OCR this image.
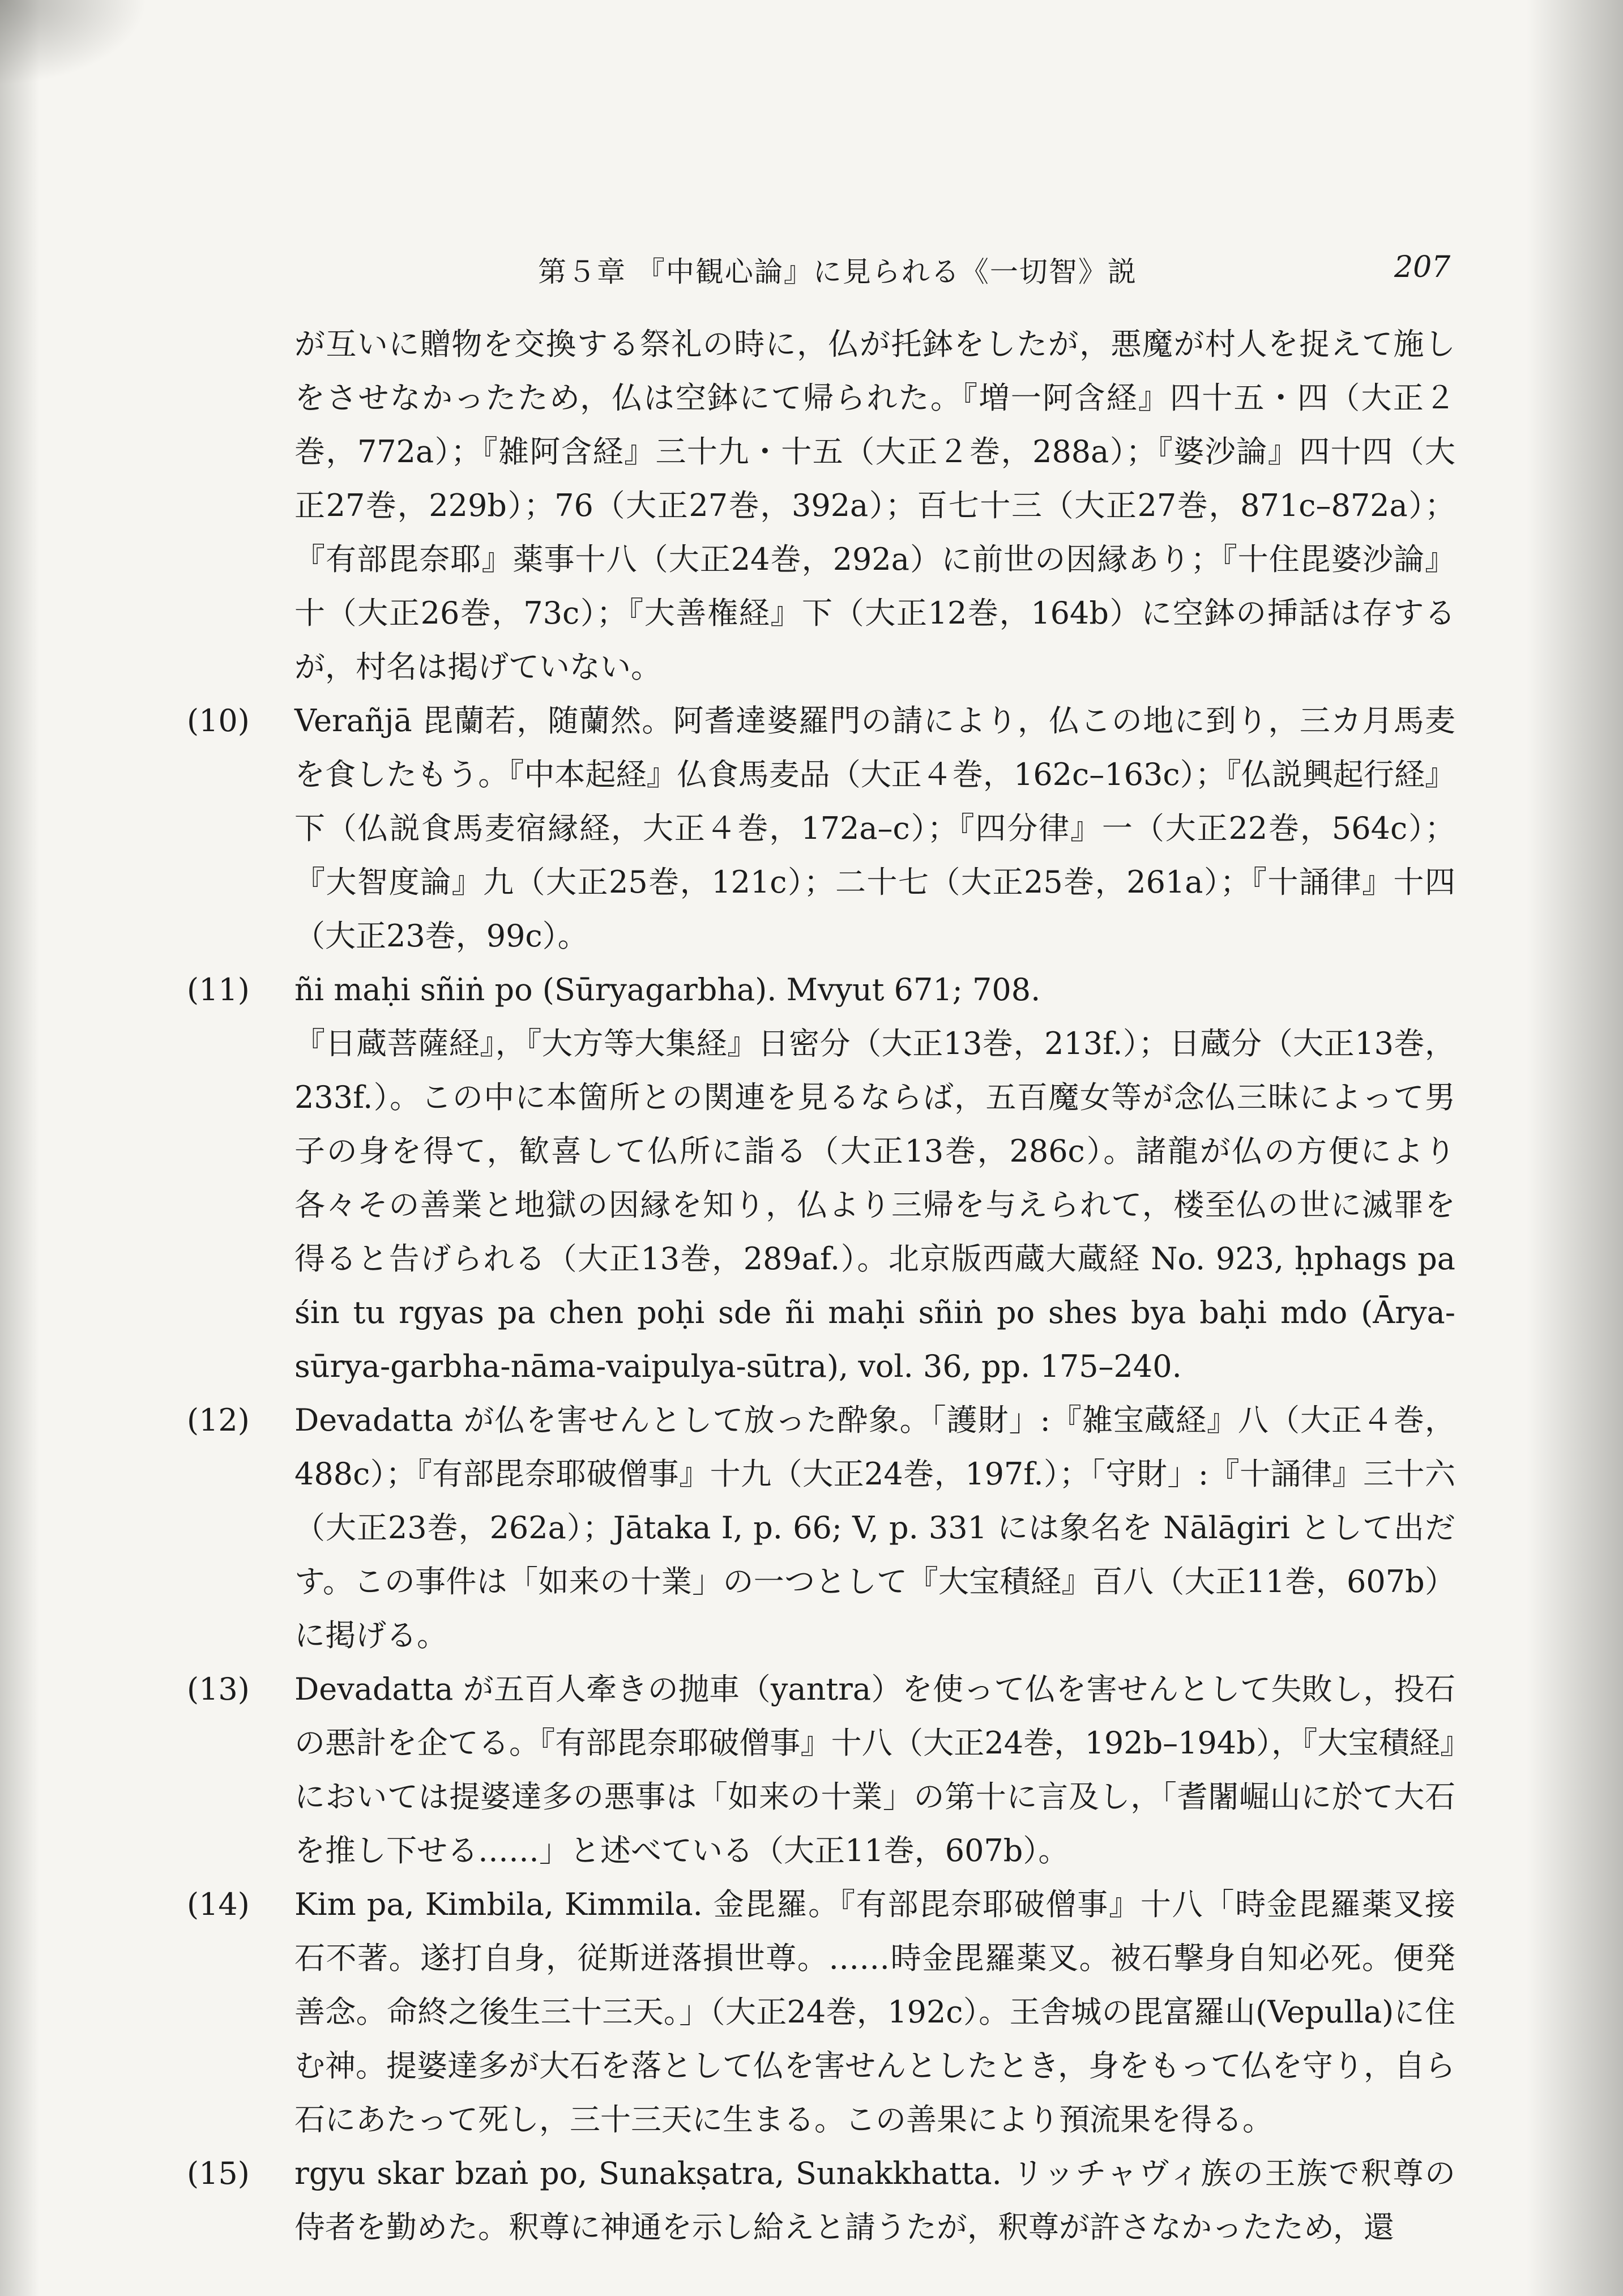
第５章 『中観心論』に見られる《一切智》説	207

が互いに贈物を交換する祭礼の時に，仏が托鉢をしたが，悪魔が村人を捉えて施しをさせなかったため，仏は空鉢にて帰られた。『増一阿含経』四十五・四（大正２巻，772a）；『雑阿含経』三十九・十五（大正２巻，288a）；『婆沙論』四十四（大正27巻，229b）；76（大正27巻，392a）；百七十三（大正27巻，871c–872a）；『有部毘奈耶』薬事十八（大正24巻，292a）に前世の因縁あり；『十住毘婆沙論』十（大正26巻，73c）；『大善権経』下（大正12巻，164b）に空鉢の挿話は存するが，村名は掲げていない。

(10) Verañjā 毘蘭若，随蘭然。阿耆達婆羅門の請により，仏この地に到り，三カ月馬麦を食したもう。『中本起経』仏食馬麦品（大正４巻，162c–163c）；『仏説興起行経』下（仏説食馬麦宿縁経，大正４巻，172a–c）；『四分律』一（大正22巻，564c）；『大智度論』九（大正25巻，121c）；二十七（大正25巻，261a）；『十誦律』十四（大正23巻，99c）。

(11) ñi maḥi sñiṅ po (Sūryagarbha). Mvyut 671; 708.

『日蔵菩薩経』，『大方等大集経』日密分（大正13巻，213f.）；日蔵分（大正13巻，233f.）。この中に本箇所との関連を見るならば，五百魔女等が念仏三昧によって男子の身を得て，歓喜して仏所に詣る（大正13巻，286c）。諸龍が仏の方便により各々その善業と地獄の因縁を知り，仏より三帰を与えられて，楼至仏の世に滅罪を得ると告げられる（大正13巻，289af.）。北京版西蔵大蔵経 No. 923, ḥphags pa śin tu rgyas pa chen poḥi sde ñi maḥi sñiṅ po shes bya baḥi mdo (Ārya-sūrya-garbha-nāma-vaipulya-sūtra), vol. 36, pp. 175–240.

(12) Devadatta が仏を害せんとして放った酔象。「護財」:『雑宝蔵経』八（大正４巻，488c）；『有部毘奈耶破僧事』十九（大正24巻，197f.）；「守財」:『十誦律』三十六（大正23巻，262a）；Jātaka I, p. 66; V, p. 331 には象名を Nālāgiri として出だす。この事件は「如来の十業」の一つとして『大宝積経』百八（大正11巻，607b）に掲げる。

(13) Devadatta が五百人牽きの抛車（yantra）を使って仏を害せんとして失敗し，投石の悪計を企てる。『有部毘奈耶破僧事』十八（大正24巻，192b–194b），『大宝積経』においては提婆達多の悪事は「如来の十業」の第十に言及し，「耆闍崛山に於て大石を推し下せる……」と述べている（大正11巻，607b）。

(14) Kim pa, Kimbila, Kimmila. 金毘羅。『有部毘奈耶破僧事』十八「時金毘羅薬叉接石不著。遂打自身，従斯迸落損世尊。……時金毘羅薬叉。被石撃身自知必死。便発善念。命終之後生三十三天。」（大正24巻，192c）。王舎城の毘富羅山(Vepulla)に住む神。提婆達多が大石を落として仏を害せんとしたとき，身をもって仏を守り，自ら石にあたって死し，三十三天に生まる。この善果により預流果を得る。

(15) rgyu skar bzaṅ po, Sunakṣatra, Sunakkhatta. リッチャヴィ族の王族で釈尊の侍者を勤めた。釈尊に神通を示し給えと請うたが，釈尊が許さなかったため，還
